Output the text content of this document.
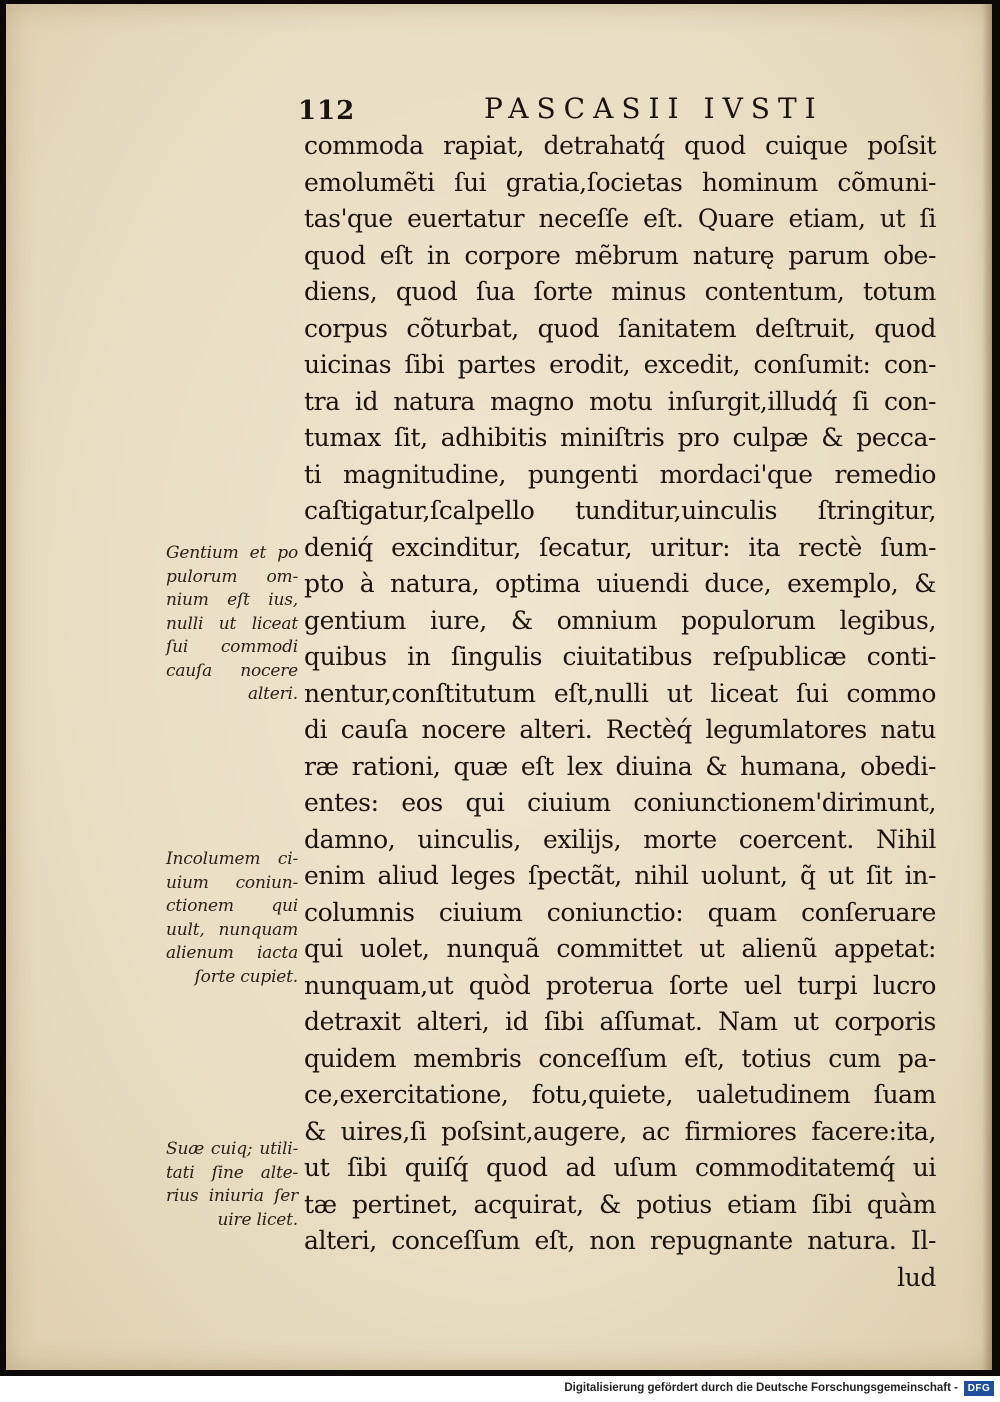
112	PASCASII IVSTI
commoda rapiat, detrahatq́ quod cuique poſsit
emolumẽti ſui gratia,ſocietas hominum cõmuni-
tas'que euertatur neceſſe eſt. Quare etiam, ut ſi
quod eſt in corpore mẽbrum naturę parum obe-
diens, quod ſua ſorte minus contentum, totum
corpus cõturbat, quod ſanitatem deſtruit, quod
uicinas ſibi partes erodit, excedit, conſumit: con-
tra id natura magno motu inſurgit,illudq́ ſi con-
tumax ſit, adhibitis miniſtris pro culpæ & pecca-
ti magnitudine, pungenti mordaci'que remedio
caſtigatur,ſcalpello tunditur,uinculis ſtringitur,
deniq́ excinditur, ſecatur, uritur: ita rectè ſum-
pto à natura, optima uiuendi duce, exemplo, &
gentium iure, & omnium populorum legibus,
quibus in ſingulis ciuitatibus reſpublicæ conti-
nentur,conſtitutum eſt,nulli ut liceat ſui commo
di cauſa nocere alteri. Rectèq́ legumlatores natu
ræ rationi, quæ eſt lex diuina & humana, obedi-
entes: eos qui ciuium coniunctionem'dirimunt,
damno, uinculis, exilijs, morte coercent. Nihil
enim aliud leges ſpectãt, nihil uolunt, q̃ ut ſit in-
columnis ciuium coniunctio: quam conſeruare
qui uolet, nunquã committet ut alienũ appetat:
nunquam,ut quòd proterua ſorte uel turpi lucro
detraxit alteri, id ſibi aſſumat. Nam ut corporis
quidem membris conceſſum eſt, totius cum pa-
ce,exercitatione, fotu,quiete, ualetudinem ſuam
& uires,ſi poſsint,augere, ac firmiores facere:ita,
ut ſibi quiſq́ quod ad uſum commoditatemq́ ui
tæ pertinet, acquirat, & potius etiam ſibi quàm
alteri, conceſſum eſt, non repugnante natura. Il-
lud
Gentium et po
pulorum om-
nium eſt ius,
nulli ut liceat
ſui commodi
cauſa nocere
alteri.
Incolumem ci-
uium coniun-
ctionem qui
uult, nunquam
alienum iacta
ſorte cupiet.
Suæ cuiq; utili-
tati ſine alte-
rius iniuria ſer
uire licet.
Digitalisierung gefördert durch die Deutsche Forschungsgemeinschaft - DFG
